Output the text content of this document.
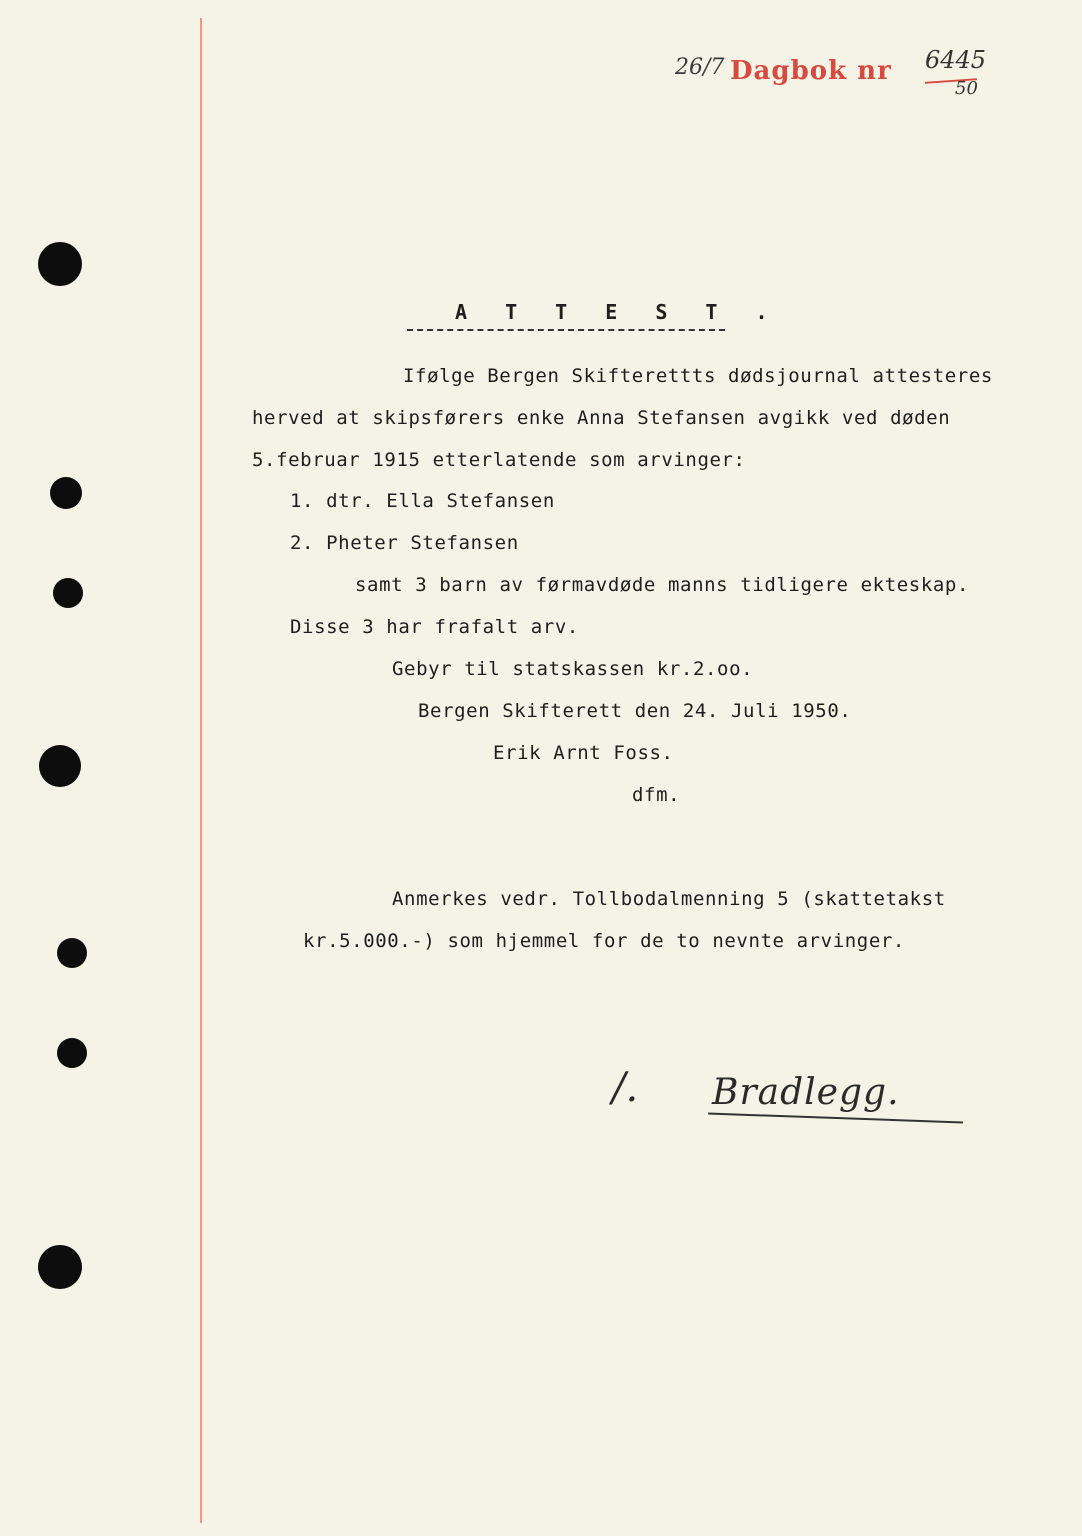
26/7 Dagbok nr 6445
50
A T T E S T .
Ifølge Bergen Skifterettts dødsjournal attesteres
herved at skipsførers enke Anna Stefansen avgikk ved døden
5.februar 1915 etterlatende som arvinger:
1. dtr. Ella Stefansen
2. Pheter Stefansen
samt 3 barn av førmavdøde manns tidligere ekteskap.
Disse 3 har frafalt arv.
Gebyr til statskassen kr.2.oo.
Bergen Skifterett den 24. Juli 1950.
Erik Arnt Foss.
dfm.
Anmerkes vedr. Tollbodalmenning 5 (skattetakst
kr.5.000.-) som hjemmel for de to nevnte arvinger.
/. Bradlegg.
